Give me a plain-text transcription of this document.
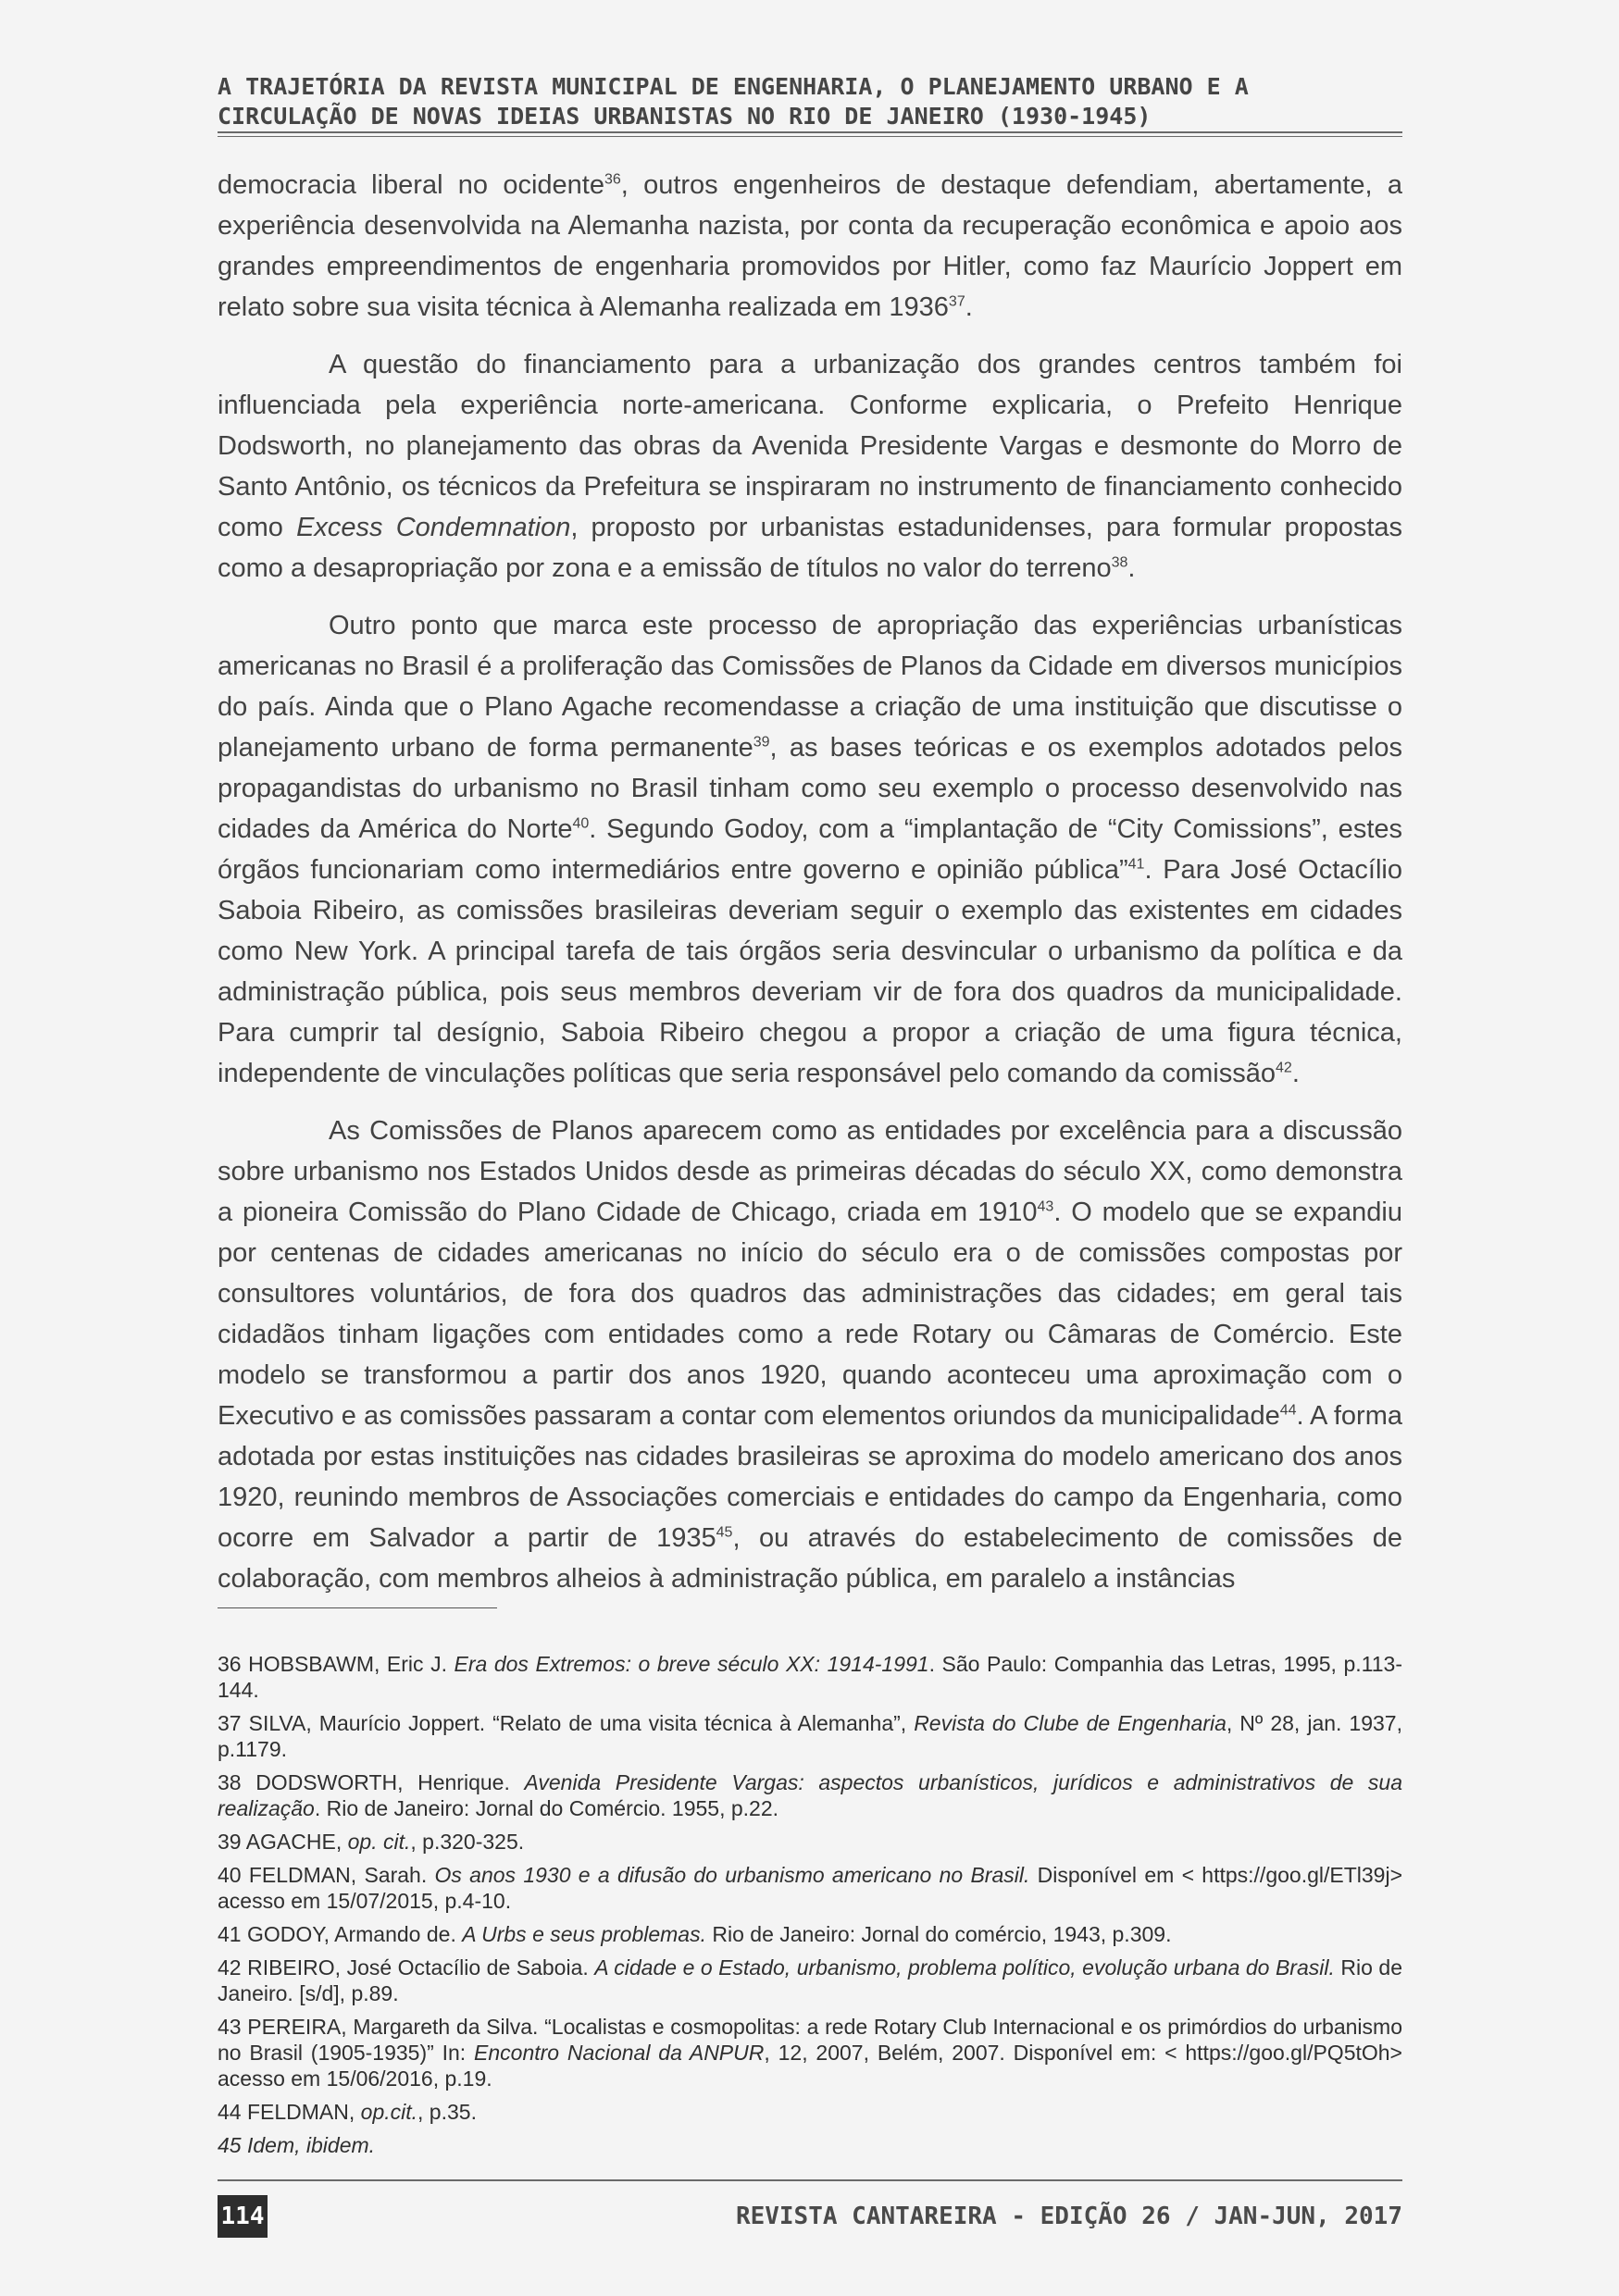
A TRAJETÓRIA DA REVISTA MUNICIPAL DE ENGENHARIA, O PLANEJAMENTO URBANO E A
CIRCULAÇÃO DE NOVAS IDEIAS URBANISTAS NO RIO DE JANEIRO (1930-1945)

democracia liberal no ocidente$^{36}$, outros engenheiros de destaque defendiam, abertamente, a experiência desenvolvida na Alemanha nazista, por conta da recuperação econômica e apoio aos grandes empreendimentos de engenharia promovidos por Hitler, como faz Maurício Joppert em relato sobre sua visita técnica à Alemanha realizada em 1936$^{37}$.

A questão do financiamento para a urbanização dos grandes centros também foi influenciada pela experiência norte-americana. Conforme explicaria, o Prefeito Henrique Dodsworth, no planejamento das obras da Avenida Presidente Vargas e desmonte do Morro de Santo Antônio, os técnicos da Prefeitura se inspiraram no instrumento de financiamento conhecido como Excess Condemnation, proposto por urbanistas estadunidenses, para formular propostas como a desapropriação por zona e a emissão de títulos no valor do terreno$^{38}$.

Outro ponto que marca este processo de apropriação das experiências urbanísticas americanas no Brasil é a proliferação das Comissões de Planos da Cidade em diversos municípios do país. Ainda que o Plano Agache recomendasse a criação de uma instituição que discutisse o planejamento urbano de forma permanente$^{39}$, as bases teóricas e os exemplos adotados pelos propagandistas do urbanismo no Brasil tinham como seu exemplo o processo desenvolvido nas cidades da América do Norte$^{40}$. Segundo Godoy, com a “implantação de “City Comissions”, estes órgãos funcionariam como intermediários entre governo e opinião pública”$^{41}$. Para José Octacílio Saboia Ribeiro, as comissões brasileiras deveriam seguir o exemplo das existentes em cidades como New York. A principal tarefa de tais órgãos seria desvincular o urbanismo da política e da administração pública, pois seus membros deveriam vir de fora dos quadros da municipalidade. Para cumprir tal desígnio, Saboia Ribeiro chegou a propor a criação de uma figura técnica, independente de vinculações políticas que seria responsável pelo comando da comissão$^{42}$.

As Comissões de Planos aparecem como as entidades por excelência para a discussão sobre urbanismo nos Estados Unidos desde as primeiras décadas do século XX, como demonstra a pioneira Comissão do Plano Cidade de Chicago, criada em 1910$^{43}$. O modelo que se expandiu por centenas de cidades americanas no início do século era o de comissões compostas por consultores voluntários, de fora dos quadros das administrações das cidades; em geral tais cidadãos tinham ligações com entidades como a rede Rotary ou Câmaras de Comércio. Este modelo se transformou a partir dos anos 1920, quando aconteceu uma aproximação com o Executivo e as comissões passaram a contar com elementos oriundos da municipalidade$^{44}$. A forma adotada por estas instituições nas cidades brasileiras se aproxima do modelo americano dos anos 1920, reunindo membros de Associações comerciais e entidades do campo da Engenharia, como ocorre em Salvador a partir de 1935$^{45}$, ou através do estabelecimento de comissões de colaboração, com membros alheios à administração pública, em paralelo a instâncias

36 HOBSBAWM, Eric J. Era dos Extremos: o breve século XX: 1914-1991. São Paulo: Companhia das Letras, 1995, p.113-144.
37 SILVA, Maurício Joppert. “Relato de uma visita técnica à Alemanha”, Revista do Clube de Engenharia, Nº 28, jan. 1937, p.1179.
38 DODSWORTH, Henrique. Avenida Presidente Vargas: aspectos urbanísticos, jurídicos e administrativos de sua realização. Rio de Janeiro: Jornal do Comércio. 1955, p.22.
39 AGACHE, op. cit., p.320-325.
40 FELDMAN, Sarah. Os anos 1930 e a difusão do urbanismo americano no Brasil. Disponível em < https://goo.gl/ETl39j> acesso em 15/07/2015, p.4-10.
41 GODOY, Armando de. A Urbs e seus problemas. Rio de Janeiro: Jornal do comércio, 1943, p.309.
42 RIBEIRO, José Octacílio de Saboia. A cidade e o Estado, urbanismo, problema político, evolução urbana do Brasil. Rio de Janeiro. [s/d], p.89.
43 PEREIRA, Margareth da Silva. “Localistas e cosmopolitas: a rede Rotary Club Internacional e os primórdios do urbanismo no Brasil (1905-1935)” In: Encontro Nacional da ANPUR, 12, 2007, Belém, 2007. Disponível em: < https://goo.gl/PQ5tOh> acesso em 15/06/2016, p.19.
44 FELDMAN, op.cit., p.35.
45 Idem, ibidem.
114	REVISTA CANTAREIRA - EDIÇÃO 26 / JAN-JUN, 2017
